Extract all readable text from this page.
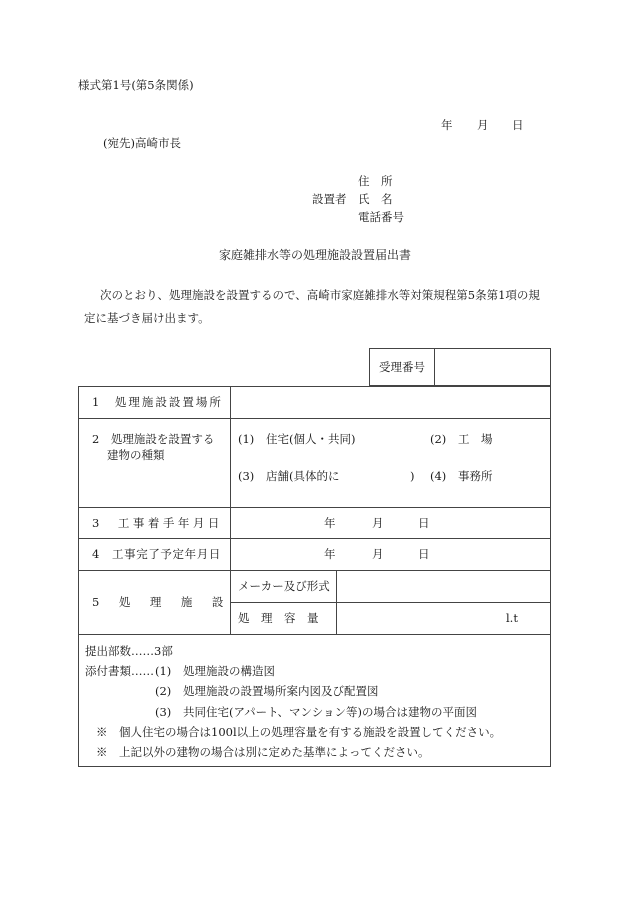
様式第1号(第5条関係)
年 月 日
(宛先)高崎市長
住　所
設置者 氏　名
電話番号
家庭雑排水等の処理施設設置届出書
次のとおり、処理施設を設置するので、高崎市家庭雑排水等対策規程第5条第1項の規
定に基づき届け出ます。
受理番号
1　処理施設設置場所
2　処理施設を設置する
建物の種類
(1) 住宅(個人・共同)	(2) 工　場
(3) 店舗(具体的に	) (4) 事務所
3　工事着手年月日	年	月	日
4　工事完了予定年月日	年	月	日
5　処　理　施　設
メーカー及び形式
処　理　容　量	l.t
提出部数……3部
添付書類…… (1) 処理施設の構造図
(2) 処理施設の設置場所案内図及び配置図
(3) 共同住宅(アパート、マンション等)の場合は建物の平面図
※　個人住宅の場合は100l以上の処理容量を有する施設を設置してください。
※　上記以外の建物の場合は別に定めた基準によってください。
